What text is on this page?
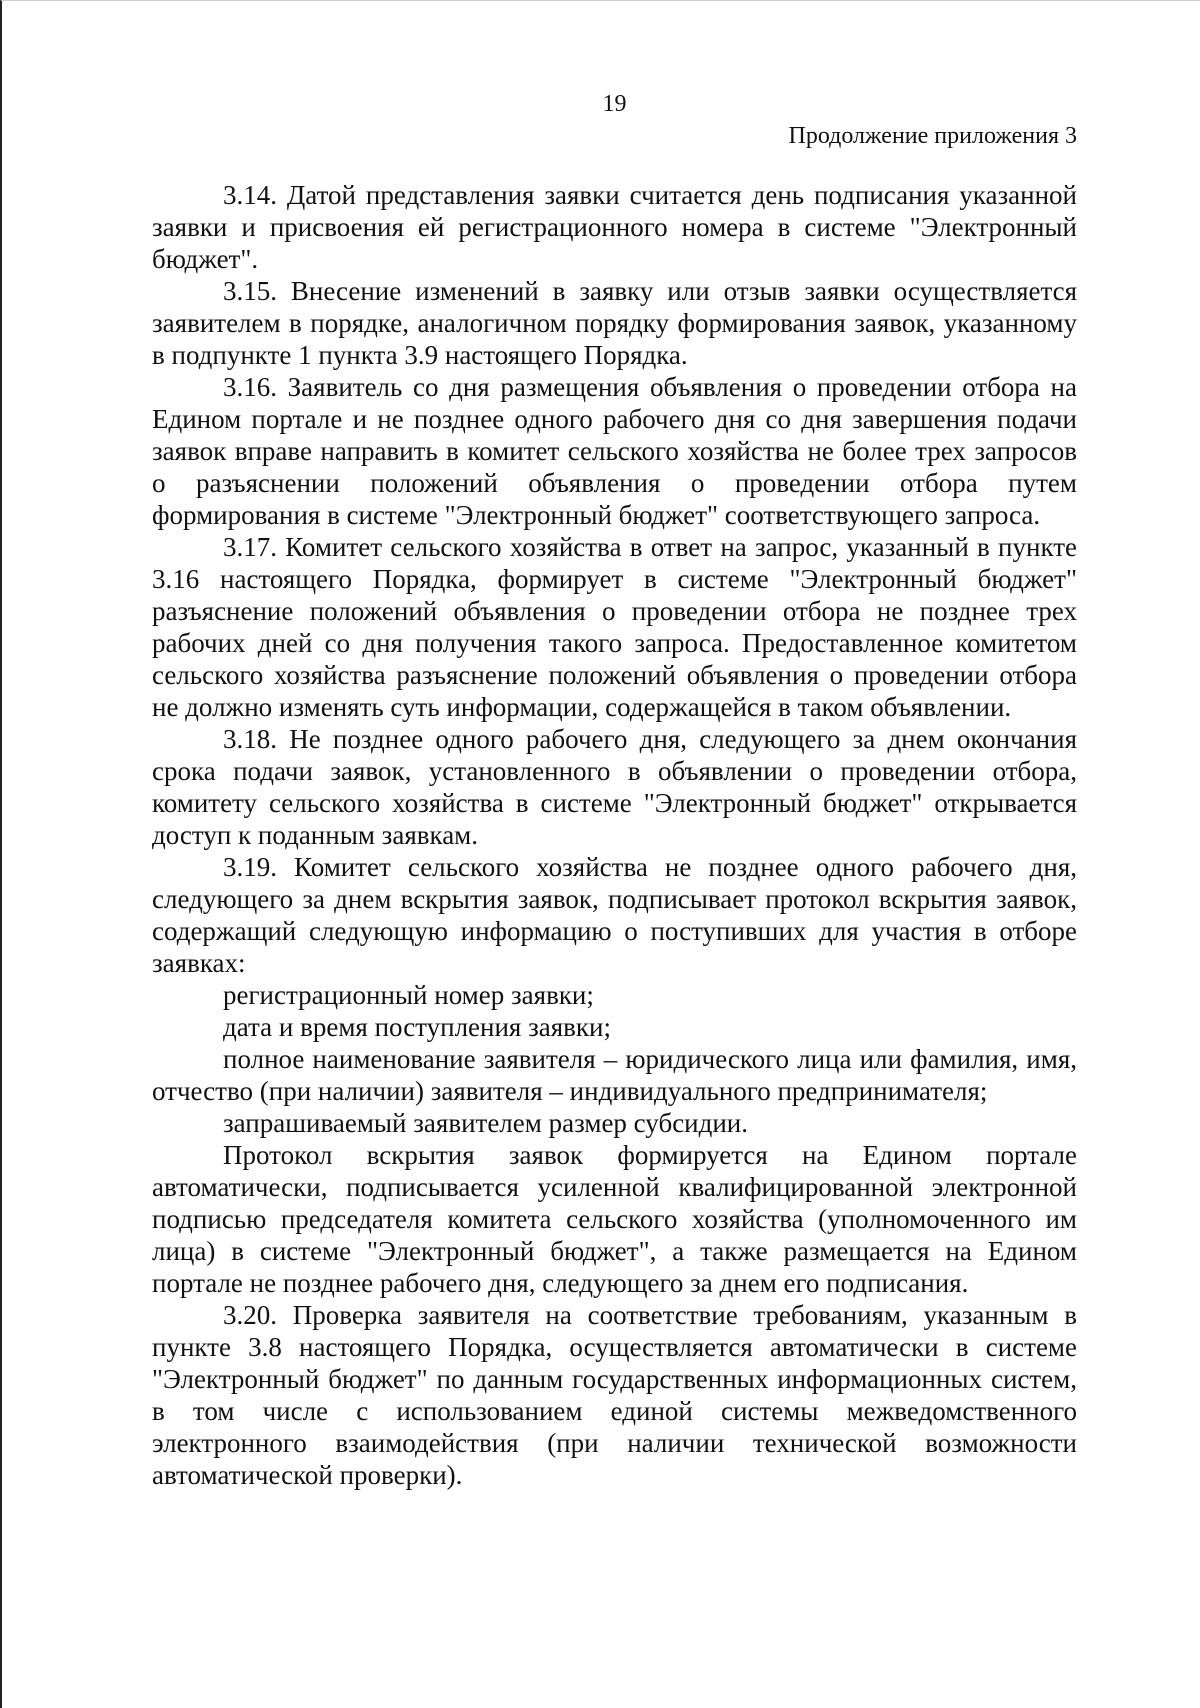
19
Продолжение приложения 3

3.14. Датой представления заявки считается день подписания указанной заявки и присвоения ей регистрационного номера в системе "Электронный бюджет".

3.15. Внесение изменений в заявку или отзыв заявки осуществляется заявителем в порядке, аналогичном порядку формирования заявок, указанному в подпункте 1 пункта 3.9 настоящего Порядка.

3.16. Заявитель со дня размещения объявления о проведении отбора на Едином портале и не позднее одного рабочего дня со дня завершения подачи заявок вправе направить в комитет сельского хозяйства не более трех запросов о разъяснении положений объявления о проведении отбора путем формирования в системе "Электронный бюджет" соответствующего запроса.

3.17. Комитет сельского хозяйства в ответ на запрос, указанный в пункте 3.16 настоящего Порядка, формирует в системе "Электронный бюджет" разъяснение положений объявления о проведении отбора не позднее трех рабочих дней со дня получения такого запроса. Предоставленное комитетом сельского хозяйства разъяснение положений объявления о проведении отбора не должно изменять суть информации, содержащейся в таком объявлении.

3.18. Не позднее одного рабочего дня, следующего за днем окончания срока подачи заявок, установленного в объявлении о проведении отбора, комитету сельского хозяйства в системе "Электронный бюджет" открывается доступ к поданным заявкам.

3.19. Комитет сельского хозяйства не позднее одного рабочего дня, следующего за днем вскрытия заявок, подписывает протокол вскрытия заявок, содержащий следующую информацию о поступивших для участия в отборе заявках:

регистрационный номер заявки;

дата и время поступления заявки;

полное наименование заявителя – юридического лица или фамилия, имя, отчество (при наличии) заявителя – индивидуального предпринимателя;

запрашиваемый заявителем размер субсидии.

Протокол вскрытия заявок формируется на Едином портале автоматически, подписывается усиленной квалифицированной электронной подписью председателя комитета сельского хозяйства (уполномоченного им лица) в системе "Электронный бюджет", а также размещается на Едином портале не позднее рабочего дня, следующего за днем его подписания.

3.20. Проверка заявителя на соответствие требованиям, указанным в пункте 3.8 настоящего Порядка, осуществляется автоматически в системе "Электронный бюджет" по данным государственных информационных систем, в том числе с использованием единой системы межведомственного электронного взаимодействия (при наличии технической возможности автоматической проверки).
